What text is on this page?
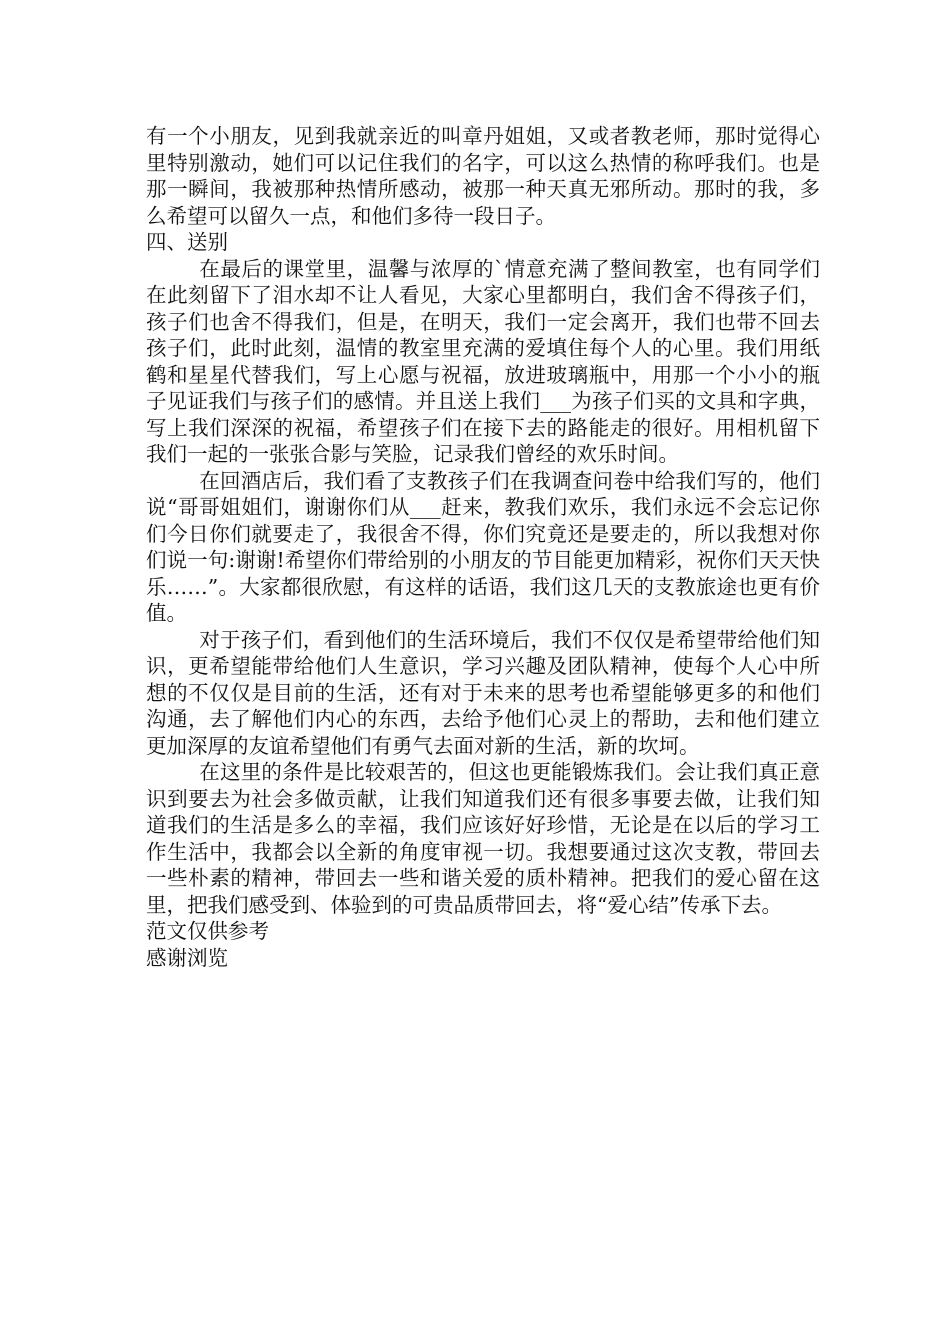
有一个小朋友，见到我就亲近的叫章丹姐姐，又或者教老师，那时觉得心里特别激动，她们可以记住我们的名字，可以这么热情的称呼我们。也是那一瞬间，我被那种热情所感动，被那一种天真无邪所动。那时的我，多么希望可以留久一点，和他们多待一段日子。

四、送别

在最后的课堂里，温馨与浓厚的`情意充满了整间教室，也有同学们在此刻留下了泪水却不让人看见，大家心里都明白，我们舍不得孩子们，孩子们也舍不得我们，但是，在明天，我们一定会离开，我们也带不回去孩子们，此时此刻，温情的教室里充满的爱填住每个人的心里。我们用纸鹤和星星代替我们，写上心愿与祝福，放进玻璃瓶中，用那一个小小的瓶子见证我们与孩子们的感情。并且送上我们___为孩子们买的文具和字典，写上我们深深的祝福，希望孩子们在接下去的路能走的很好。用相机留下我们一起的一张张合影与笑脸，记录我们曾经的欢乐时间。

在回酒店后，我们看了支教孩子们在我调查问卷中给我们写的，他们说“哥哥姐姐们，谢谢你们从___赶来，教我们欢乐，我们永远不会忘记你们今日你们就要走了，我很舍不得，你们究竟还是要走的，所以我想对你们说一句:谢谢!希望你们带给别的小朋友的节目能更加精彩，祝你们天天快乐……”。大家都很欣慰，有这样的话语，我们这几天的支教旅途也更有价值。

对于孩子们，看到他们的生活环境后，我们不仅仅是希望带给他们知识，更希望能带给他们人生意识，学习兴趣及团队精神，使每个人心中所想的不仅仅是目前的生活，还有对于未来的思考也希望能够更多的和他们沟通，去了解他们内心的东西，去给予他们心灵上的帮助，去和他们建立更加深厚的友谊希望他们有勇气去面对新的生活，新的坎坷。

在这里的条件是比较艰苦的，但这也更能锻炼我们。会让我们真正意识到要去为社会多做贡献，让我们知道我们还有很多事要去做，让我们知道我们的生活是多么的幸福，我们应该好好珍惜，无论是在以后的学习工作生活中，我都会以全新的角度审视一切。我想要通过这次支教，带回去一些朴素的精神，带回去一些和谐关爱的质朴精神。把我们的爱心留在这里，把我们感受到、体验到的可贵品质带回去，将“爱心结”传承下去。

范文仅供参考

感谢浏览
